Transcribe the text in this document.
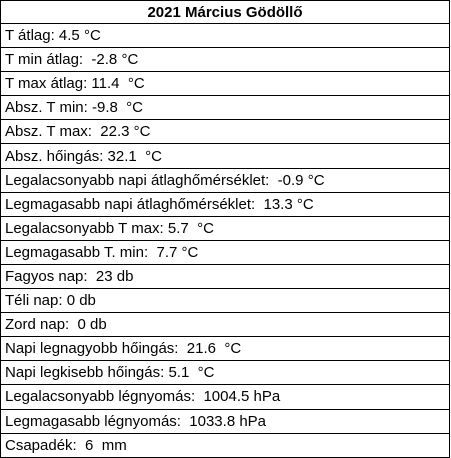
2021 Március Gödöllő
T átlag: 4.5 °C
T min átlag:  -2.8 °C
T max átlag: 11.4  °C
Absz. T min: -9.8  °C
Absz. T max:  22.3 °C
Absz. hőingás: 32.1  °C
Legalacsonyabb napi átlaghőmérséklet:  -0.9 °C
Legmagasabb napi átlaghőmérséklet:  13.3 °C
Legalacsonyabb T max: 5.7  °C
Legmagasabb T. min:  7.7 °C
Fagyos nap:  23 db
Téli nap: 0 db
Zord nap:  0 db
Napi legnagyobb hőingás:  21.6  °C
Napi legkisebb hőingás: 5.1  °C
Legalacsonyabb légnyomás:  1004.5 hPa
Legmagasabb légnyomás:  1033.8 hPa
Csapadék:  6  mm
